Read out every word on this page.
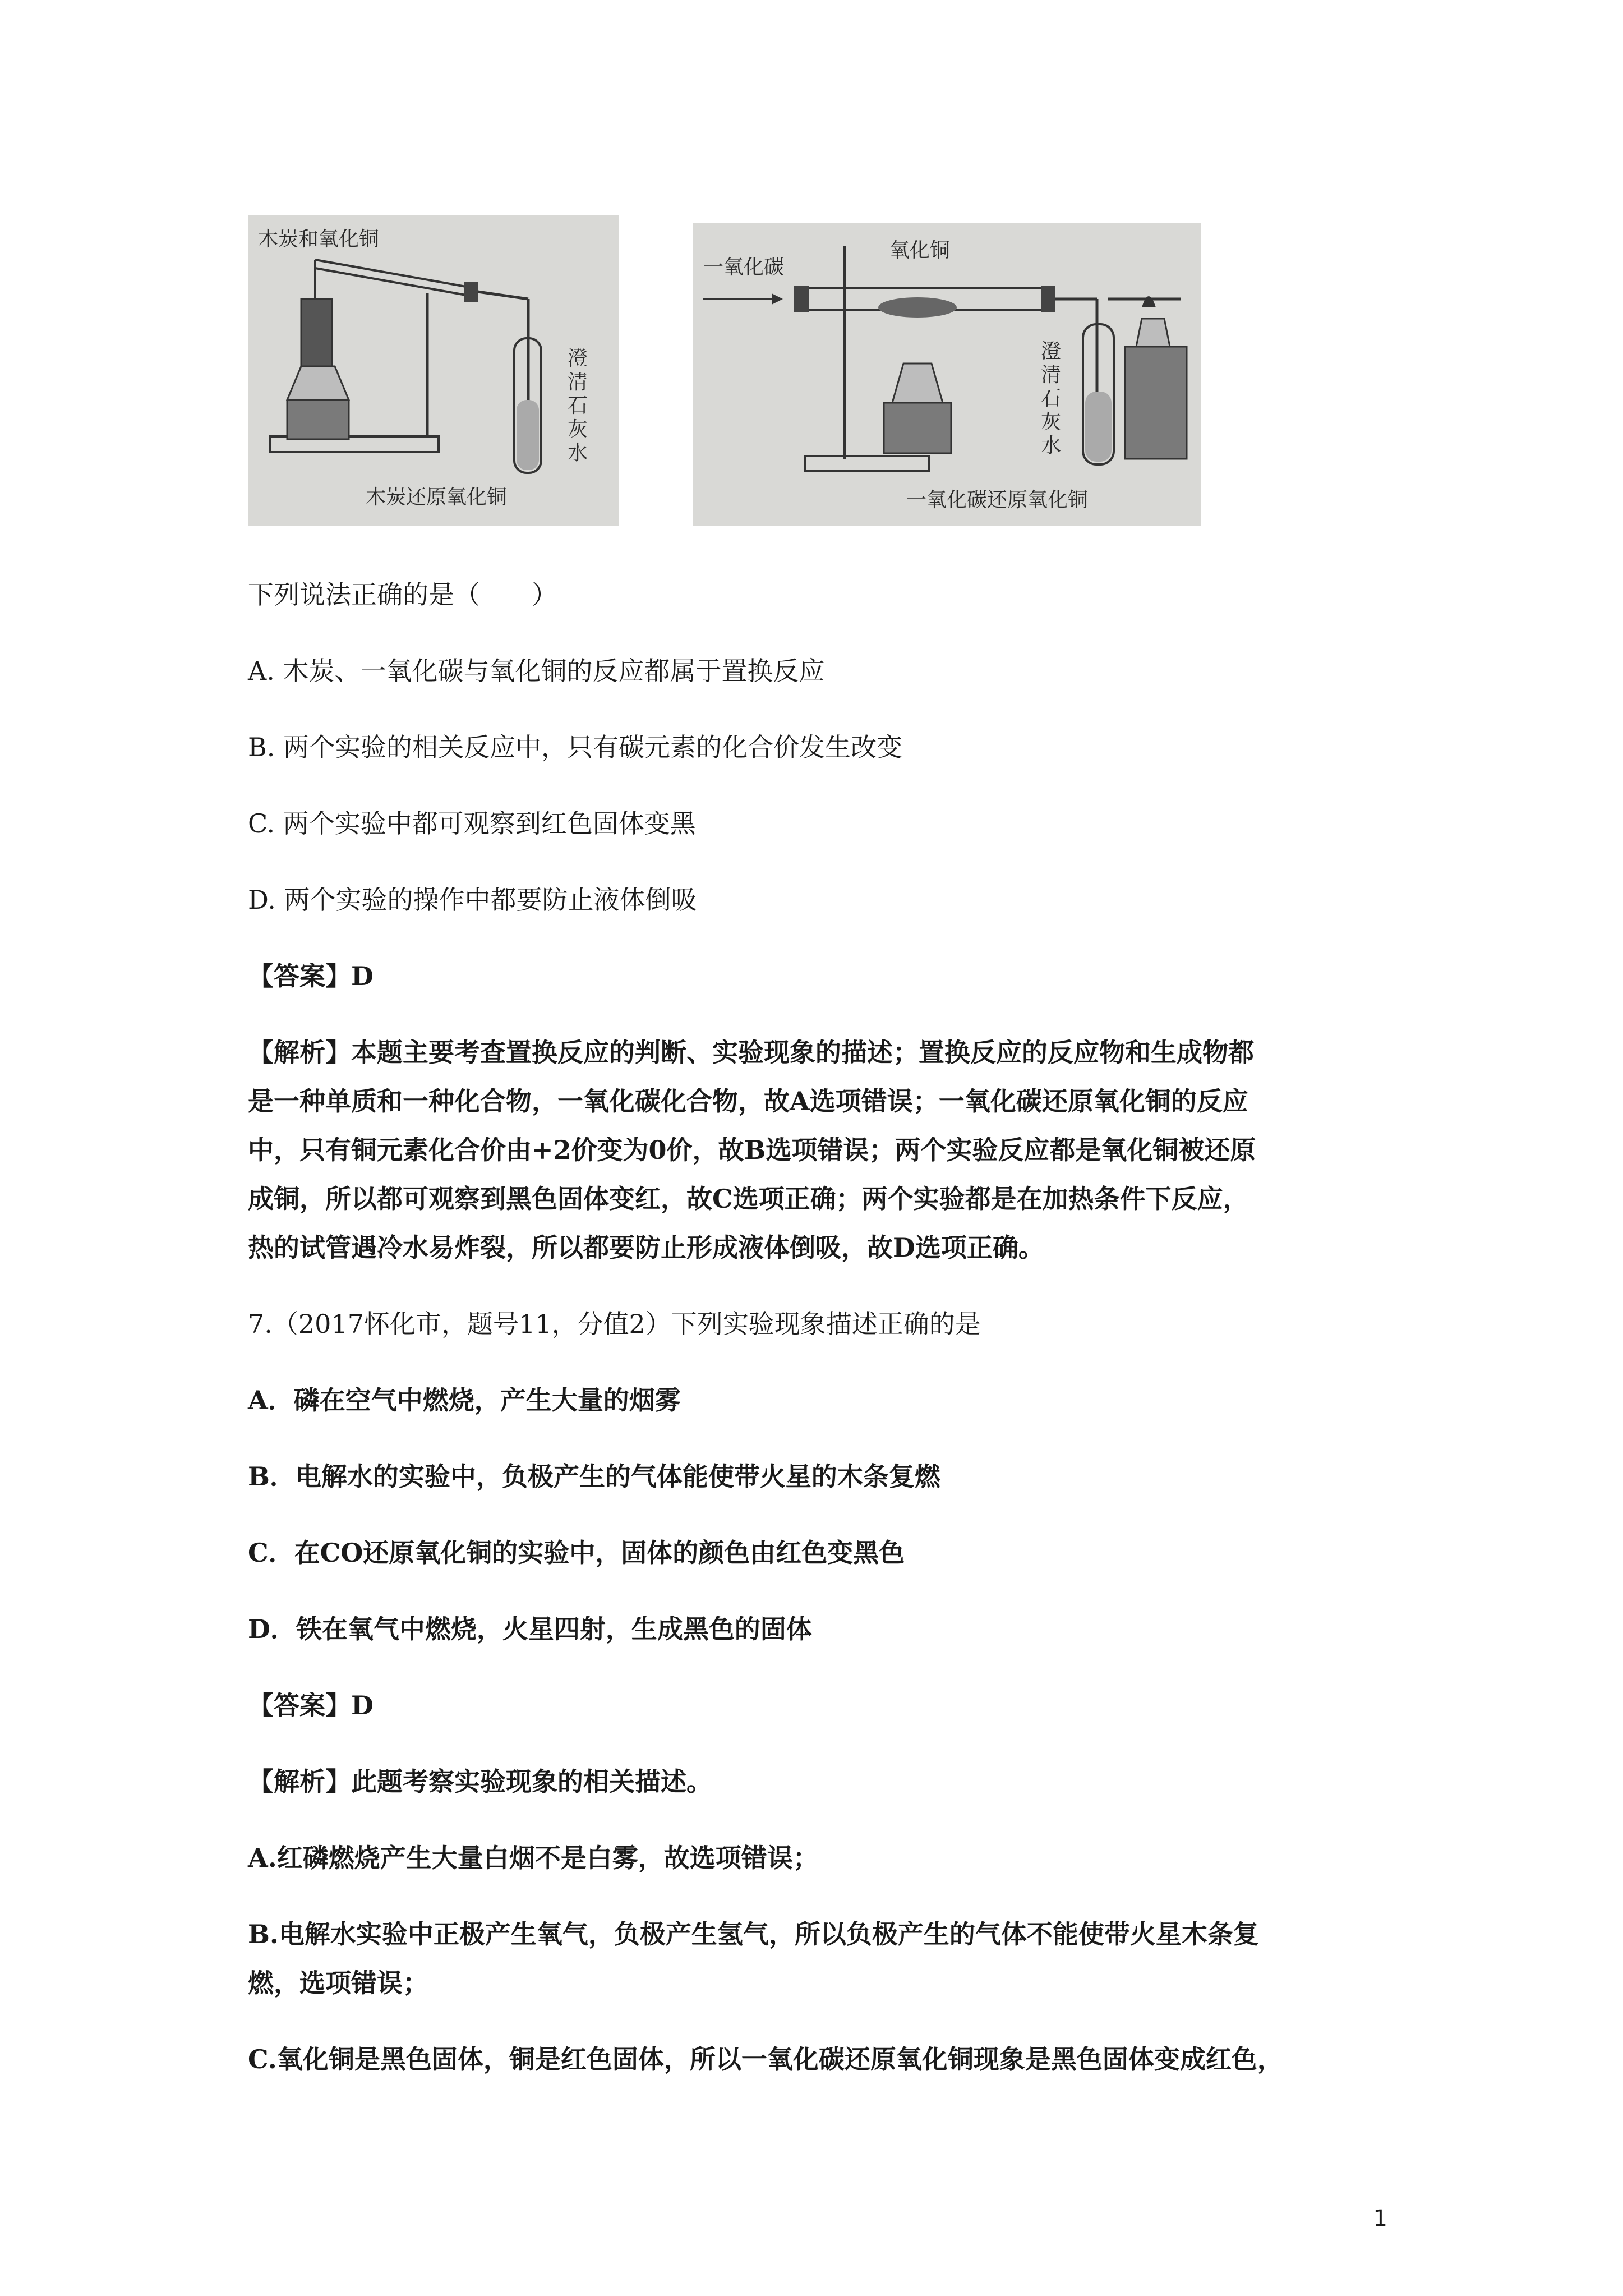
木炭和氧化铜
澄
清
石
灰
水
木炭还原氧化铜
一氧化碳
氧化铜
澄
清
石
灰
水
一氧化碳还原氧化铜
下列说法正确的是（　　）
A. 木炭、一氧化碳与氧化铜的反应都属于置换反应
B. 两个实验的相关反应中，只有碳元素的化合价发生改变
C. 两个实验中都可观察到红色固体变黑
D. 两个实验的操作中都要防止液体倒吸
【答案】D
【解析】本题主要考查置换反应的判断、实验现象的描述；置换反应的反应物和生成物都
是一种单质和一种化合物，一氧化碳化合物，故A选项错误；一氧化碳还原氧化铜的反应
中，只有铜元素化合价由+2价变为0价，故B选项错误；两个实验反应都是氧化铜被还原
成铜，所以都可观察到黑色固体变红，故C选项正确；两个实验都是在加热条件下反应，
热的试管遇冷水易炸裂，所以都要防止形成液体倒吸，故D选项正确。
7.（2017怀化市，题号11，分值2）下列实验现象描述正确的是
A．磷在空气中燃烧，产生大量的烟雾
B．电解水的实验中，负极产生的气体能使带火星的木条复燃
C．在CO还原氧化铜的实验中，固体的颜色由红色变黑色
D．铁在氧气中燃烧，火星四射，生成黑色的固体
【答案】D
【解析】此题考察实验现象的相关描述。
A.红磷燃烧产生大量白烟不是白雾，故选项错误；
B.电解水实验中正极产生氧气，负极产生氢气，所以负极产生的气体不能使带火星木条复
燃，选项错误；
C.氧化铜是黑色固体，铜是红色固体，所以一氧化碳还原氧化铜现象是黑色固体变成红色，
1
